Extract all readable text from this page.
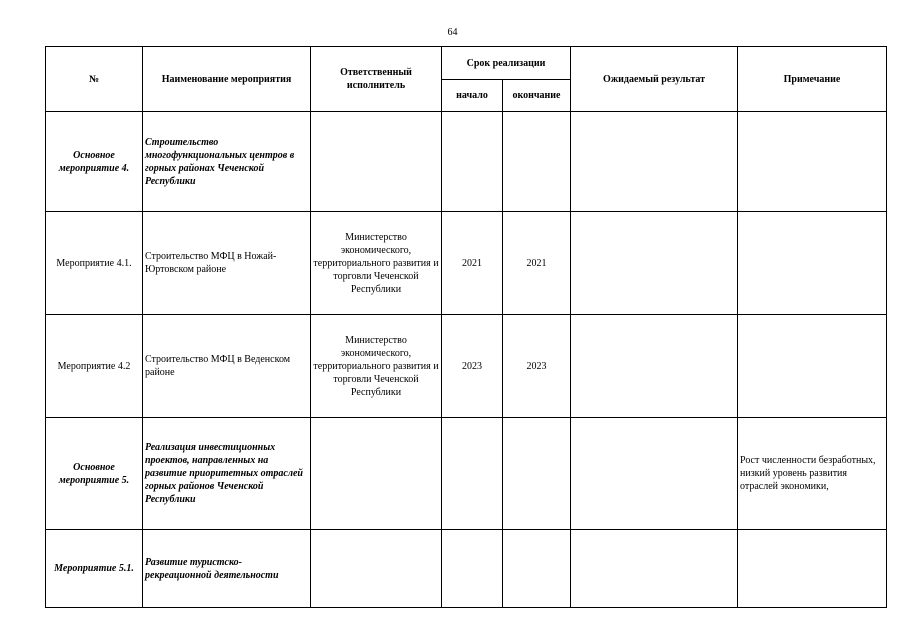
64
№	Наименование мероприятия	Ответственный исполнитель	Срок реализации		Ожидаемый результат	Примечание
			начало	окончание		
Основное мероприятие 4.	Строительство многофункциональных центров в горных районах Чеченской Республики					
Мероприятие 4.1.	Строительство МФЦ в Ножай-Юртовском районе	Министерство экономического, территориального развития и торговли Чеченской Республики	2021	2021		
Мероприятие 4.2	Строительство МФЦ в Веденском районе	Министерство экономического, территориального развития и торговли Чеченской Республики	2023	2023		
Основное мероприятие 5.	Реализация инвестиционных проектов, направленных на развитие приоритетных отраслей горных районов Чеченской Республики					Рост численности безработных, низкий уровень развития отраслей экономики,
Мероприятие 5.1.	Развитие туристско-рекреационной деятельности					
